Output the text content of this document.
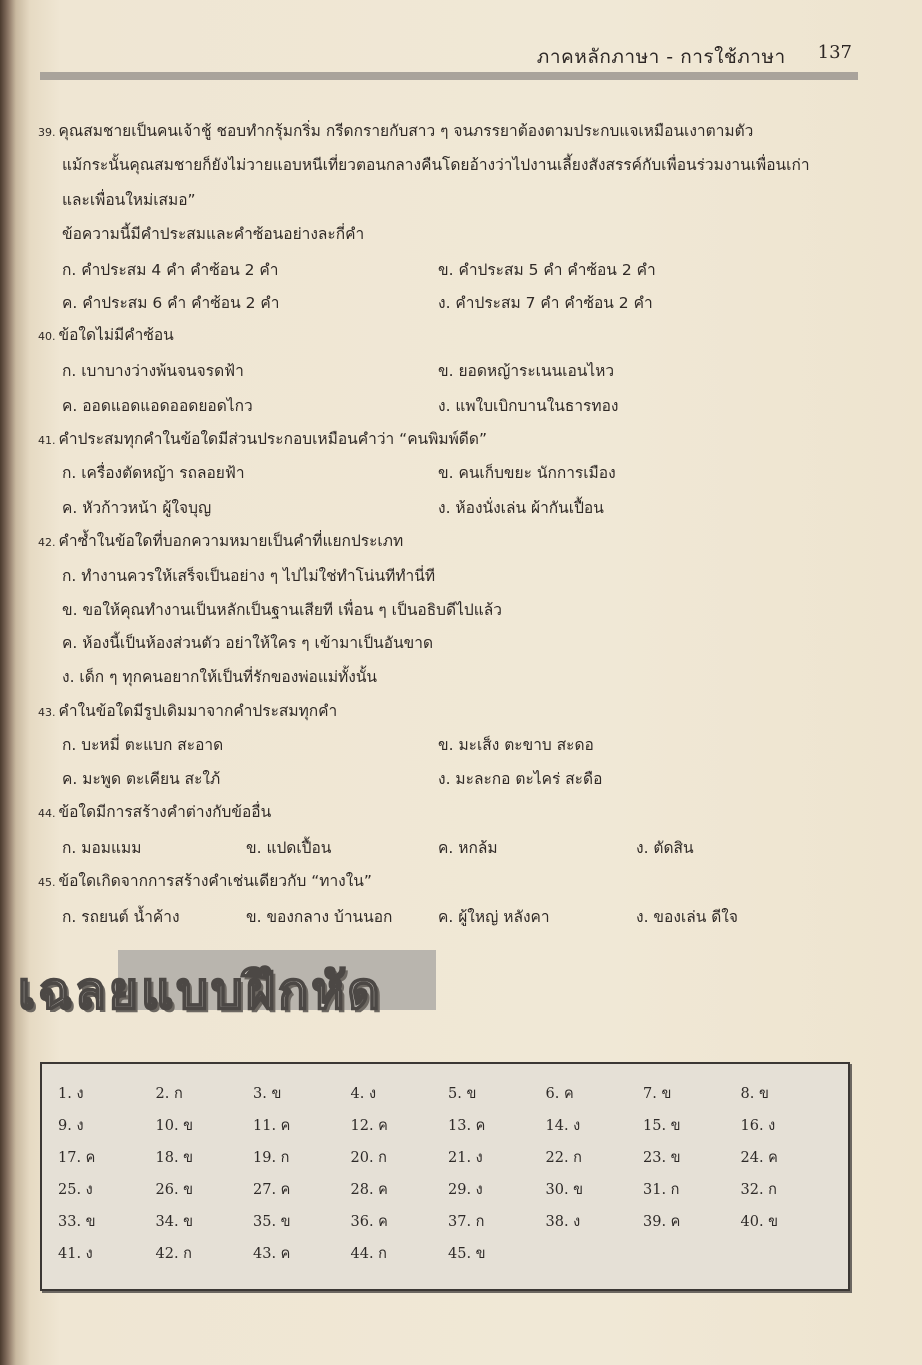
ภาคหลักภาษา - การใช้ภาษา 137
39. คุณสมชายเป็นคนเจ้าชู้ ชอบทำกรุ้มกริ่ม กรีดกรายกับสาว ๆ จนภรรยาต้องตามประกบแจเหมือนเงาตามตัว
แม้กระนั้นคุณสมชายก็ยังไม่วายแอบหนีเที่ยวตอนกลางคืนโดยอ้างว่าไปงานเลี้ยงสังสรรค์กับเพื่อนร่วมงานเพื่อนเก่า
และเพื่อนใหม่เสมอ”
ข้อความนี้มีคำประสมและคำซ้อนอย่างละกี่คำ
ก. คำประสม 4 คำ คำซ้อน 2 คำ	ข. คำประสม 5 คำ คำซ้อน 2 คำ
ค. คำประสม 6 คำ คำซ้อน 2 คำ	ง. คำประสม 7 คำ คำซ้อน 2 คำ
40. ข้อใดไม่มีคำซ้อน
ก. เบาบางว่างพ้นจนจรดฟ้า	ข. ยอดหญ้าระเนนเอนไหว
ค. ออดแอดแอดออดยอดไกว	ง. แพใบเบิกบานในธารทอง
41. คำประสมทุกคำในข้อใดมีส่วนประกอบเหมือนคำว่า “คนพิมพ์ดีด”
ก. เครื่องตัดหญ้า รถลอยฟ้า	ข. คนเก็บขยะ นักการเมือง
ค. หัวก้าวหน้า ผู้ใจบุญ	ง. ห้องนั่งเล่น ผ้ากันเปื้อน
42. คำซ้ำในข้อใดที่บอกความหมายเป็นคำที่แยกประเภท
ก. ทำงานควรให้เสร็จเป็นอย่าง ๆ ไปไม่ใช่ทำโน่นทีทำนี่ที
ข. ขอให้คุณทำงานเป็นหลักเป็นฐานเสียที เพื่อน ๆ เป็นอธิบดีไปแล้ว
ค. ห้องนี้เป็นห้องส่วนตัว อย่าให้ใคร ๆ เข้ามาเป็นอันขาด
ง. เด็ก ๆ ทุกคนอยากให้เป็นที่รักของพ่อแม่ทั้งนั้น
43. คำในข้อใดมีรูปเดิมมาจากคำประสมทุกคำ
ก. บะหมี่ ตะแบก สะอาด	ข. มะเส็ง ตะขาบ สะดอ
ค. มะพูด ตะเคียน สะใภ้	ง. มะละกอ ตะไคร่ สะดือ
44. ข้อใดมีการสร้างคำต่างกับข้ออื่น
ก. มอมแมม	ข. แปดเปื้อน	ค. หกล้ม	ง. ตัดสิน
45. ข้อใดเกิดจากการสร้างคำเช่นเดียวกับ “ทางใน”
ก. รถยนต์ น้ำค้าง	ข. ของกลาง บ้านนอก	ค. ผู้ใหญ่ หลังคา	ง. ของเล่น ดีใจ
เฉลยแบบฝึกหัด
1. ง	2. ก	3. ข	4. ง	5. ข	6. ค	7. ข	8. ข
9. ง	10. ข	11. ค	12. ค	13. ค	14. ง	15. ข	16. ง
17. ค	18. ข	19. ก	20. ก	21. ง	22. ก	23. ข	24. ค
25. ง	26. ข	27. ค	28. ค	29. ง	30. ข	31. ก	32. ก
33. ข	34. ข	35. ข	36. ค	37. ก	38. ง	39. ค	40. ข
41. ง	42. ก	43. ค	44. ก	45. ข
